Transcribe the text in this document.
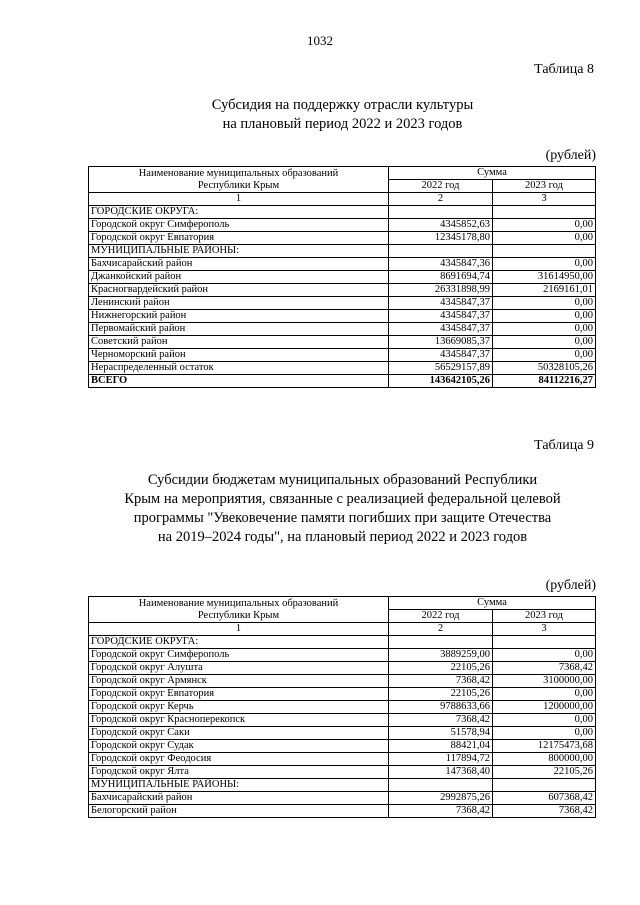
1032
Таблица 8
Субсидия на поддержку отрасли культуры
на плановый период 2022 и 2023 годов
(рублей)
Наименование муниципальных образований
Республики Крым	Сумма	
	2022 год	2023 год
1	2	3
ГОРОДСКИЕ ОКРУГА:		
Городской округ Симферополь	4345852,63	0,00
Городской округ Евпатория	12345178,80	0,00
МУНИЦИПАЛЬНЫЕ РАЙОНЫ:		
Бахчисарайский район	4345847,36	0,00
Джанкойский район	8691694,74	31614950,00
Красногвардейский район	26331898,99	2169161,01
Ленинский район	4345847,37	0,00
Нижнегорский район	4345847,37	0,00
Первомайский район	4345847,37	0,00
Советский район	13669085,37	0,00
Черноморский район	4345847,37	0,00
Нераспределенный остаток	56529157,89	50328105,26
ВСЕГО	143642105,26	84112216,27
Таблица 9
Субсидии бюджетам муниципальных образований Республики
Крым на мероприятия, связанные с реализацией федеральной целевой
программы "Увековечение памяти погибших при защите Отечества
на 2019–2024 годы", на плановый период 2022 и 2023 годов
(рублей)
Наименование муниципальных образований
Республики Крым	Сумма	
	2022 год	2023 год
1	2	3
ГОРОДСКИЕ ОКРУГА:		
Городской округ Симферополь	3889259,00	0,00
Городской округ Алушта	22105,26	7368,42
Городской округ Армянск	7368,42	3100000,00
Городской округ Евпатория	22105,26	0,00
Городской округ Керчь	9788633,66	1200000,00
Городской округ Красноперекопск	7368,42	0,00
Городской округ Саки	51578,94	0,00
Городской округ Судак	88421,04	12175473,68
Городской округ Феодосия	117894,72	800000,00
Городской округ Ялта	147368,40	22105,26
МУНИЦИПАЛЬНЫЕ РАЙОНЫ:		
Бахчисарайский район	2992875,26	607368,42
Белогорский район	7368,42	7368,42
